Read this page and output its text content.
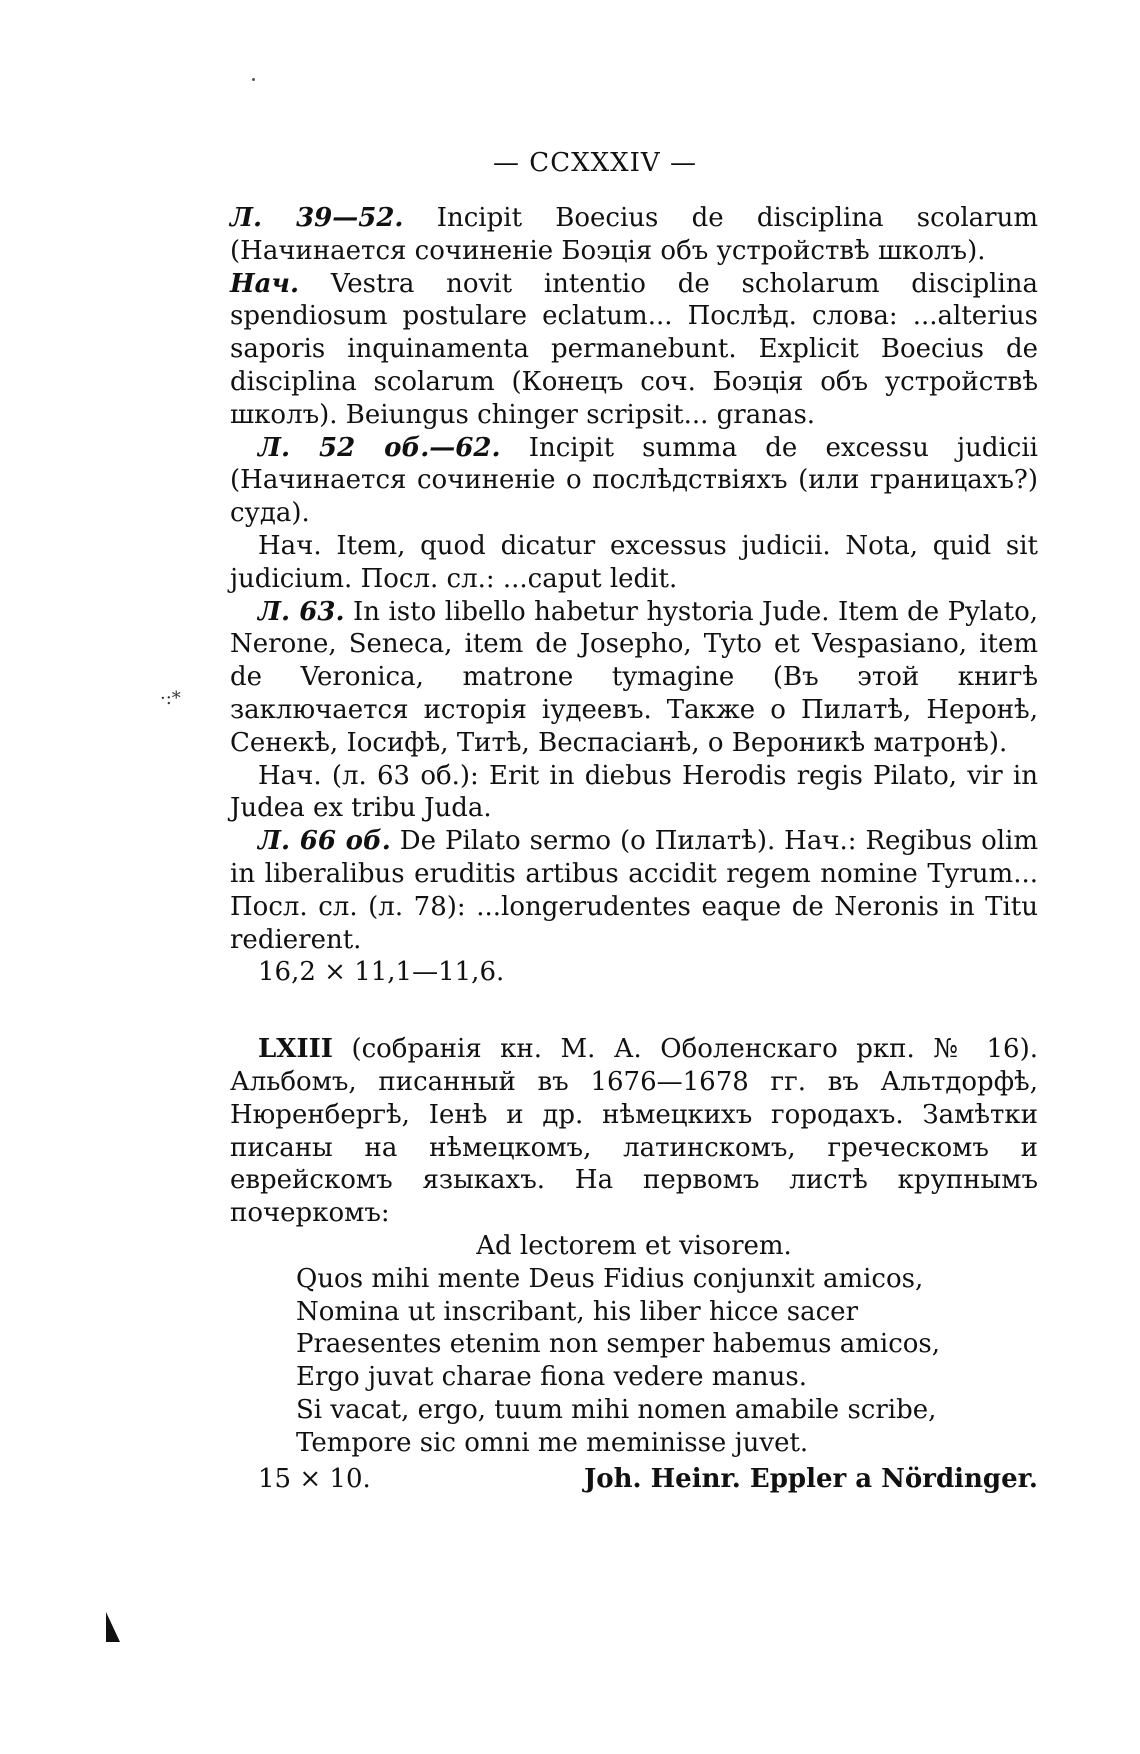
— CCXXXIV —
·:*

Л. 39—52. Incipit Boecius de disciplina scolarum (Начинается сочиненіе Боэція объ устройствѣ школъ).

Нач. Vestra novit intentio de scholarum disciplina spendiosum postulare eclatum... Послѣд. слова: ...alterius saporis inquinamenta permanebunt. Explicit Boecius de disciplina scolarum (Конецъ соч. Боэція объ устройствѣ школъ). Beiungus chinger scripsit... granas.

Л. 52 об.—62. Incipit summa de excessu judicii (Начинается сочиненіе о послѣдствіяхъ (или границахъ?) суда).

Нач. Item, quod dicatur excessus judicii. Nota, quid sit judicium. Посл. сл.: ...caput ledit.

Л. 63. In isto libello habetur hystoria Jude. Item de Pylato, Nerone, Seneca, item de Josepho, Tyto et Vespasiano, item de Veronica, matrone tymagine (Въ этой книгѣ заключается исторія іудеевъ. Также о Пилатѣ, Неронѣ, Сенекѣ, Іосифѣ, Титѣ, Веспасіанѣ, о Вероникѣ матронѣ).

Нач. (л. 63 об.): Erit in diebus Herodis regis Pilato, vir in Judea ex tribu Juda.

Л. 66 об. De Pilato sermo (о Пилатѣ). Нач.: Regibus olim in liberalibus eruditis artibus accidit regem nomine Tyrum... Посл. сл. (л. 78): ...longerudentes eaque de Neronis in Titu redierent.

16,2 × 11,1—11,6.

LXIII (собранія кн. М. А. Оболенскаго ркп. № 16). Альбомъ, писанный въ 1676—1678 гг. въ Альтдорфѣ, Нюренбергѣ, Іенѣ и др. нѣмецкихъ городахъ. Замѣтки писаны на нѣмецкомъ, латинскомъ, греческомъ и еврейскомъ языкахъ. На первомъ листѣ крупнымъ почеркомъ:

Ad lectorem et visorem.
Quos mihi mente Deus Fidius conjunxit amicos,
Nomina ut inscribant, his liber hicce sacer
Praesentes etenim non semper habemus amicos,
Ergo juvat charae fiona vedere manus.
Si vacat, ergo, tuum mihi nomen amabile scribe,
Tempore sic omni me meminisse juvet.
15 × 10.	Joh. Heinr. Eppler a Nördinger.
